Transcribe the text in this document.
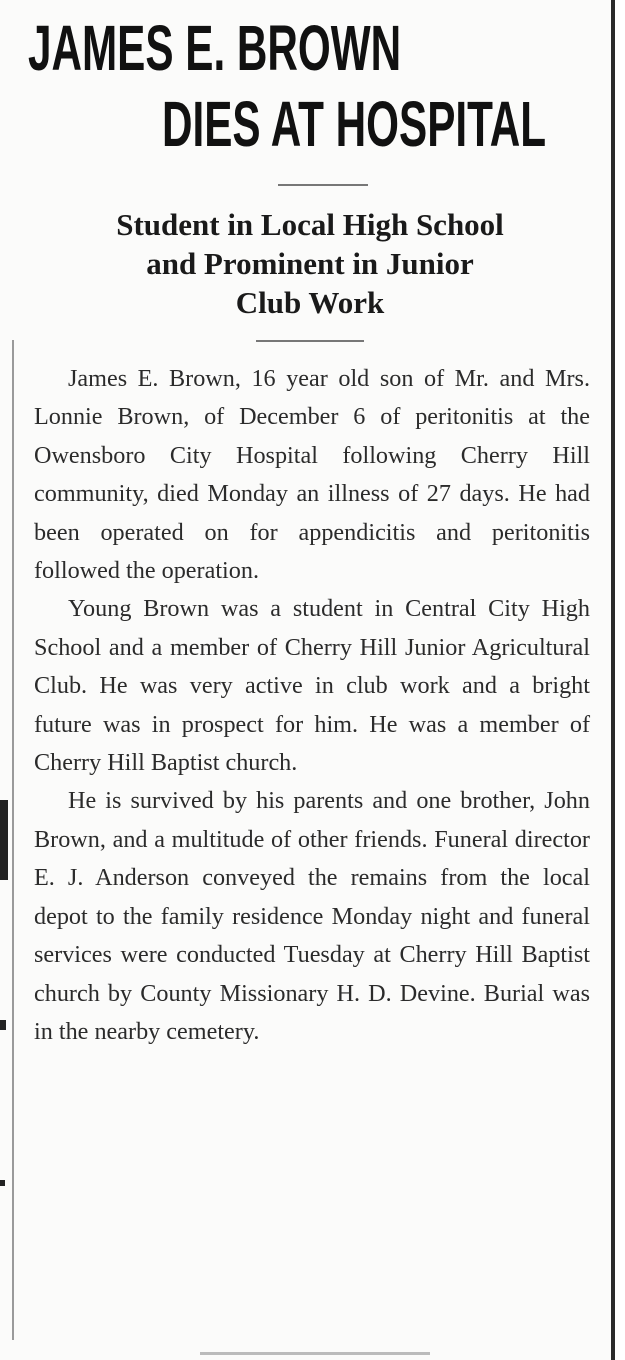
JAMES E. BROWN
DIES AT HOSPITAL
Student in Local High School
and Prominent in Junior
Club Work

James E. Brown, 16 year old son of Mr. and Mrs. Lonnie Brown, of December 6 of peritonitis at the Owensboro City Hospital following Cherry Hill community, died Monday an illness of 27 days. He had been operated on for appendicitis and peritonitis followed the operation.

Young Brown was a student in Central City High School and a member of Cherry Hill Junior Agricultural Club. He was very active in club work and a bright future was in prospect for him. He was a member of Cherry Hill Baptist church.

He is survived by his parents and one brother, John Brown, and a multitude of other friends. Funeral director E. J. Anderson conveyed the remains from the local depot to the family residence Monday night and funeral services were conducted Tuesday at Cherry Hill Baptist church by County Missionary H. D. Devine. Burial was in the nearby cemetery.
